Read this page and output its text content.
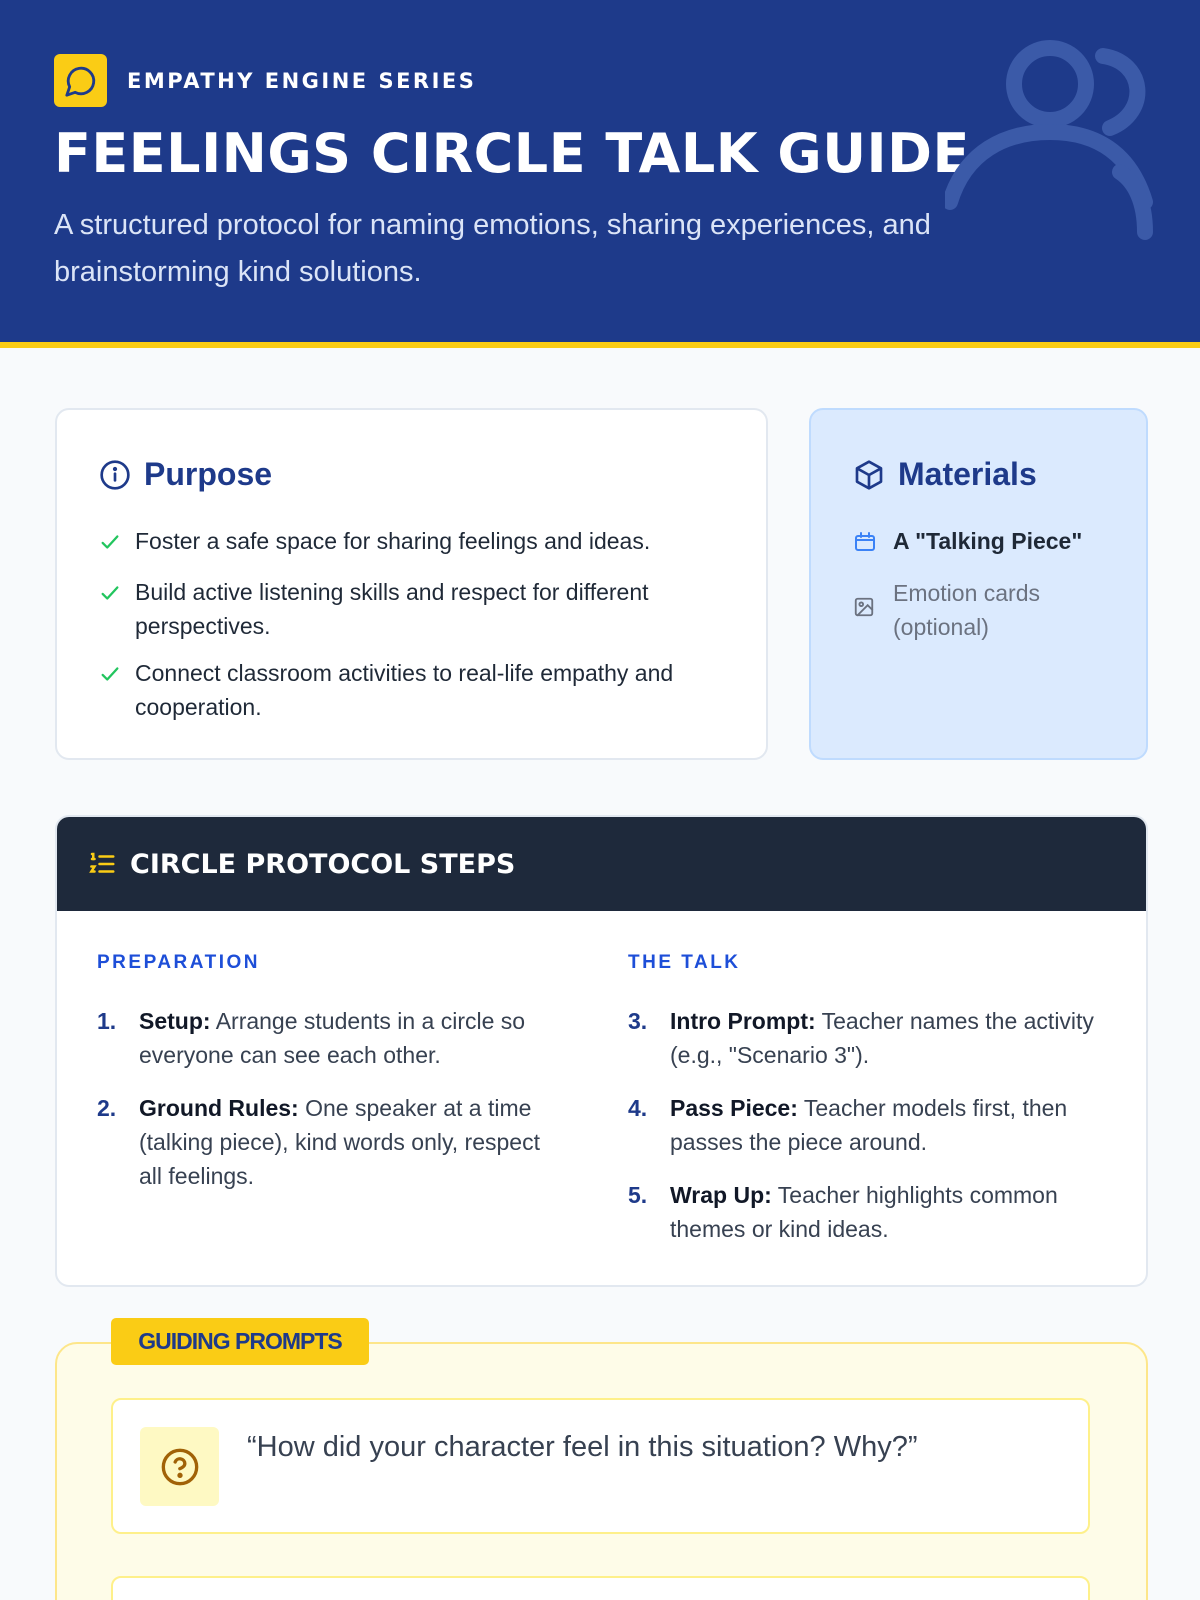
EMPATHY ENGINE SERIES
FEELINGS CIRCLE TALK GUIDE

A structured protocol for naming emotions, sharing experiences, and brainstorming kind solutions.

Purpose
Foster a safe space for sharing feelings and ideas.
Build active listening skills and respect for different perspectives.
Connect classroom activities to real-life empathy and cooperation.
Materials
A "Talking Piece"
Emotion cards (optional)
CIRCLE PROTOCOL STEPS
PREPARATION
1. Setup: Arrange students in a circle so everyone can see each other.
2. Ground Rules: One speaker at a time (talking piece), kind words only, respect all feelings.
THE TALK
3. Intro Prompt: Teacher names the activity (e.g., "Scenario 3").
4. Pass Piece: Teacher models first, then passes the piece around.
5. Wrap Up: Teacher highlights common themes or kind ideas.
GUIDING PROMPTS

“How did your character feel in this situation? Why?”
